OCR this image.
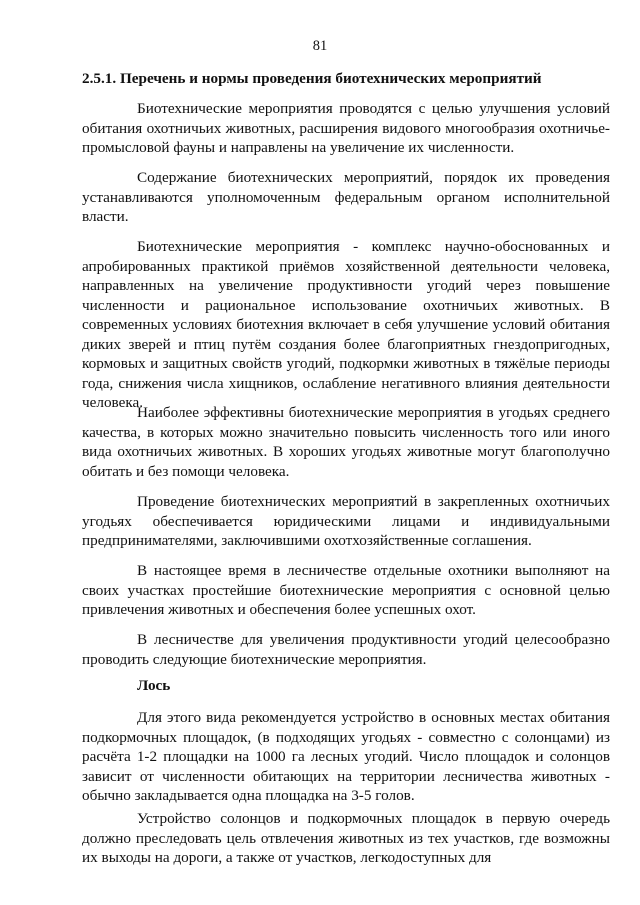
81

2.5.1. Перечень и нормы проведения биотехнических мероприятий

Биотехнические мероприятия проводятся с целью улучшения условий обитания охотничьих животных, расширения видового многообразия охотничье-промысловой фауны и направлены на увеличение их численности.

Содержание биотехнических мероприятий, порядок их проведения устанавливаются уполномоченным федеральным органом исполнительной власти.

Биотехнические мероприятия - комплекс научно-обоснованных и апробированных практикой приёмов хозяйственной деятельности человека, направленных на увеличение продуктивности угодий через повышение численности и рациональное использование охотничьих животных. В современных условиях биотехния включает в себя улучшение условий обитания диких зверей и птиц путём создания более благоприятных гнездопригодных, кормовых и защитных свойств угодий, подкормки животных в тяжёлые периоды года, снижения числа хищников, ослабление негативного влияния деятельности человека.

Наиболее эффективны биотехнические мероприятия в угодьях среднего качества, в которых можно значительно повысить численность того или иного вида охотничьих животных. В хороших угодьях животные могут благополучно обитать и без помощи человека.

Проведение биотехнических мероприятий в закрепленных охотничьих угодьях обеспечивается юридическими лицами и индивидуальными предпринимателями, заключившими охотхозяйственные соглашения.

В настоящее время в лесничестве отдельные охотники выполняют на своих участках простейшие биотехнические мероприятия с основной целью привлечения животных и обеспечения более успешных охот.

В лесничестве для увеличения продуктивности угодий целесообразно проводить следующие биотехнические мероприятия.

Лось

Для этого вида рекомендуется устройство в основных местах обитания подкормочных площадок, (в подходящих угодьях - совместно с солонцами) из расчёта 1-2 площадки на 1000 га лесных угодий. Число площадок и солонцов зависит от численности обитающих на территории лесничества животных - обычно закладывается одна площадка на 3-5 голов.

Устройство солонцов и подкормочных площадок в первую очередь должно преследовать цель отвлечения животных из тех участков, где возможны их выходы на дороги, а также от участков, легкодоступных для
